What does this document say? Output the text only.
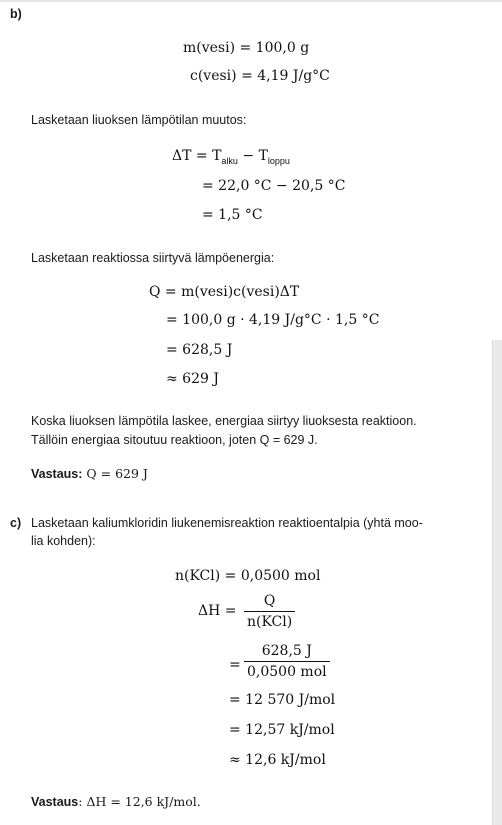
b)
m(vesi) = 100,0 g
c(vesi) = 4,19 J/g°C
Lasketaan liuoksen lämpötilan muutos:
$\Delta T = T_{alku} - T_{loppu}$
= 22,0 °C − 20,5 °C
= 1,5 °C
Lasketaan reaktiossa siirtyvä lämpöenergia:
Q = m(vesi)c(vesi)ΔT
= 100,0 g · 4,19 J/g°C · 1,5 °C
= 628,5 J
≈ 629 J
Koska liuoksen lämpötila laskee, energiaa siirtyy liuoksesta reaktioon.
Tällöin energiaa sitoutuu reaktioon, joten Q = 629 J.
Vastaus: Q = 629 J
c) Lasketaan kaliumkloridin liukenemisreaktion reaktioentalpia (yhtä moo-
lia kohden):
n(KCl) = 0,0500 mol
ΔH =
Q
n(KCl)
=
628,5 J
0,0500 mol
= 12 570 J/mol
= 12,57 kJ/mol
≈ 12,6 kJ/mol
Vastaus: ΔH = 12,6 kJ/mol.
